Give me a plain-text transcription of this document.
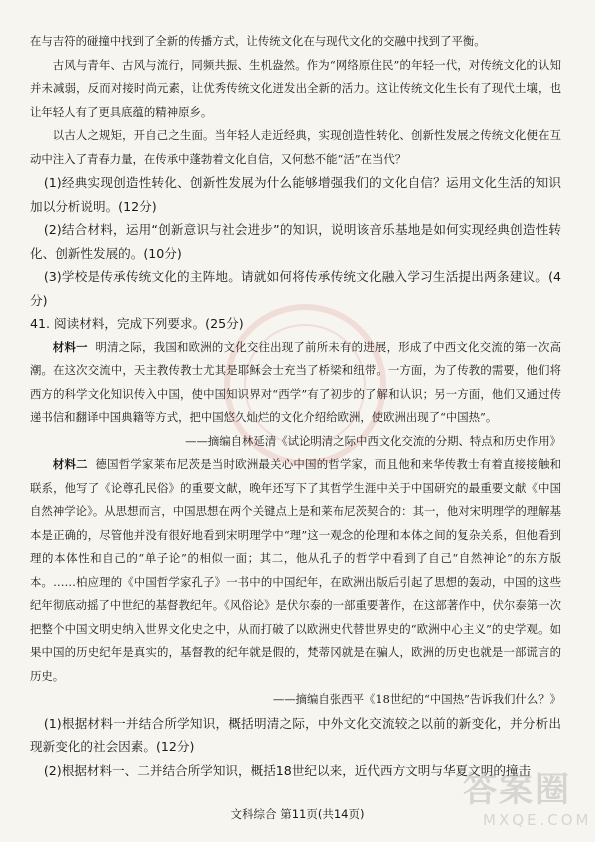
在与吉符的碰撞中找到了全新的传播方式，让传统文化在与现代文化的交融中找到了平衡。

古风与青年、古风与流行，同频共振、生机盎然。作为“网络原住民”的年轻一代，对传统文化的认知并未减弱，反而对接时尚元素，让优秀传统文化迸发出全新的活力。这让传统文化生长有了现代土壤，也让年轻人有了更具底蕴的精神原乡。

以古人之规矩，开自己之生面。当年轻人走近经典，实现创造性转化、创新性发展之传统文化便在互动中注入了青春力量，在传承中蓬勃着文化自信，又何愁不能“活”在当代？

(1)经典实现创造性转化、创新性发展为什么能够增强我们的文化自信？运用文化生活的知识加以分析说明。(12分)

(2)结合材料，运用“创新意识与社会进步”的知识，说明该音乐基地是如何实现经典创造性转化、创新性发展的。(10分)

(3)学校是传承传统文化的主阵地。请就如何将传承传统文化融入学习生活提出两条建议。(4分)

41. 阅读材料，完成下列要求。(25分)

材料一 明清之际，我国和欧洲的文化交往出现了前所未有的进展，形成了中西文化交流的第一次高潮。在这次交流中，天主教传教士尤其是耶稣会士充当了桥梁和纽带。一方面，为了传教的需要，他们将西方的科学文化知识传入中国，使中国知识界对“西学”有了初步的了解和认识；另一方面，他们又通过传递书信和翻译中国典籍等方式，把中国悠久灿烂的文化介绍给欧洲，使欧洲出现了“中国热”。

——摘编自林延清《试论明清之际中西文化交流的分期、特点和历史作用》

材料二 德国哲学家莱布尼茨是当时欧洲最关心中国的哲学家，而且他和来华传教士有着直接接触和联系，他写了《论尊孔民俗》的重要文献，晚年还写下了其哲学生涯中关于中国研究的最重要文献《中国自然神学论》。从思想而言，中国思想在两个关键点上是和莱布尼茨契合的：其一，他对宋明理学的理解基本是正确的，尽管他并没有很好地看到宋明理学中“理”这一观念的伦理和本体之间的复杂关系，但他看到理的本体性和自己的“单子论”的相似一面；其二，他从孔子的哲学中看到了自己“自然神论”的东方版本。……柏应理的《中国哲学家孔子》一书中的中国纪年，在欧洲出版后引起了思想的轰动，中国的这些纪年彻底动摇了中世纪的基督教纪年。《风俗论》是伏尔泰的一部重要著作，在这部著作中，伏尔泰第一次把整个中国文明史纳入世界文化史之中，从而打破了以欧洲史代替世界史的“欧洲中心主义”的史学观。如果中国的历史纪年是真实的，基督教的纪年就是假的，梵蒂冈就是在骗人，欧洲的历史也就是一部谎言的历史。

——摘编自张西平《18世纪的“中国热”告诉我们什么？》

(1)根据材料一并结合所学知识，概括明清之际，中外文化交流较之以前的新变化，并分析出现新变化的社会因素。(12分)

(2)根据材料一、二并结合所学知识，概括18世纪以来，近代西方文明与华夏文明的撞击

文科综合 第11页(共14页)
答案圈
MXQE.COM
